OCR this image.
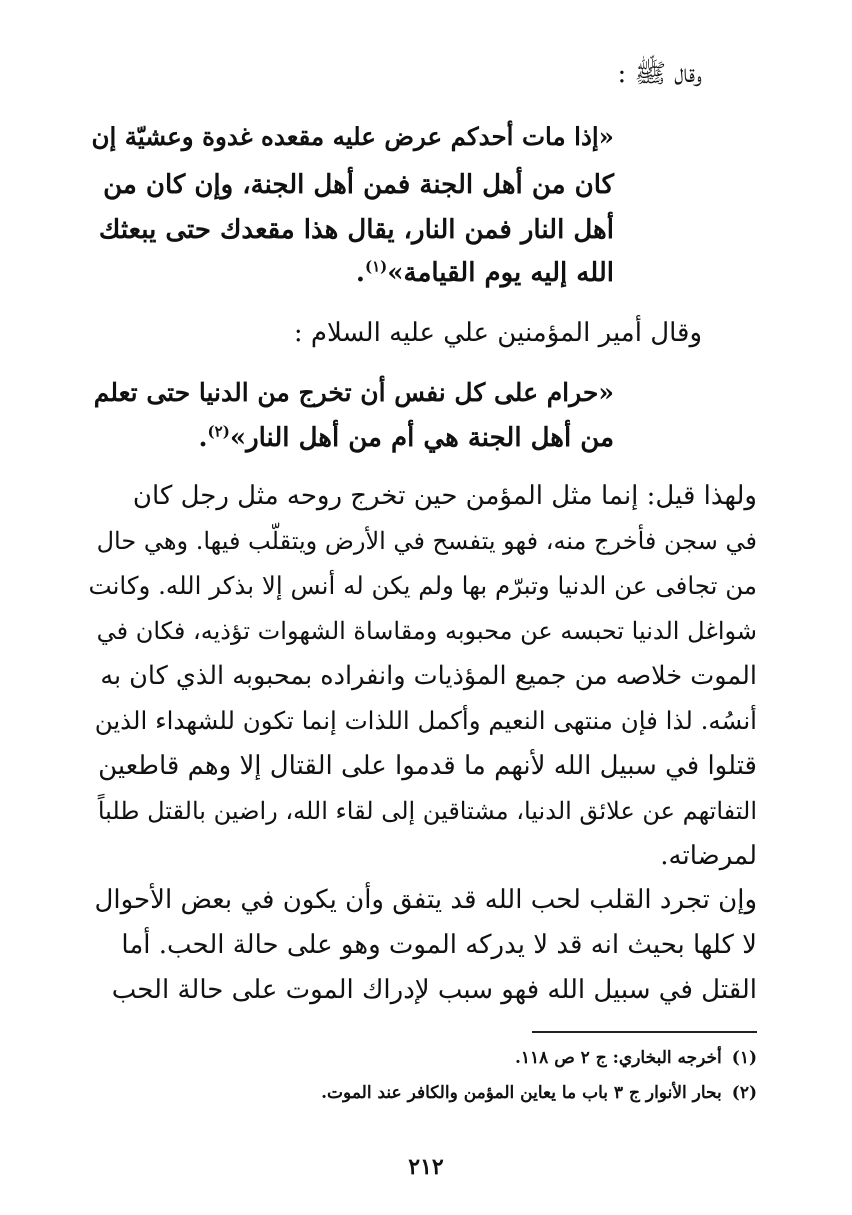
وقال ﷺ :
«إذا مات أحدكم عرض عليه مقعده غدوة وعشيّة إن
كان من أهل الجنة فمن أهل الجنة، وإن كان من
أهل النار فمن النار، يقال هذا مقعدك حتى يبعثك
الله إليه يوم القيامة»$^{(١)}$.
وقال أمير المؤمنين علي عليه السلام :
«حرام على كل نفس أن تخرج من الدنيا حتى تعلم
من أهل الجنة هي أم من أهل النار»$^{(٢)}$.
ولهذا قيل: إنما مثل المؤمن حين تخرج روحه مثل رجل كان
في سجن فأخرج منه، فهو يتفسح في الأرض ويتقلّب فيها. وهي حال
من تجافى عن الدنيا وتبرّم بها ولم يكن له أنس إلا بذكر الله. وكانت
شواغل الدنيا تحبسه عن محبوبه ومقاساة الشهوات تؤذيه، فكان في
الموت خلاصه من جميع المؤذيات وانفراده بمحبوبه الذي كان به
أنسُه. لذا فإن منتهى النعيم وأكمل اللذات إنما تكون للشهداء الذين
قتلوا في سبيل الله لأنهم ما قدموا على القتال إلا وهم قاطعين
التفاتهم عن علائق الدنيا، مشتاقين إلى لقاء الله، راضين بالقتل طلباً
لمرضاته.
وإن تجرد القلب لحب الله قد يتفق وأن يكون في بعض الأحوال
لا كلها بحيث انه قد لا يدركه الموت وهو على حالة الحب. أما
القتل في سبيل الله فهو سبب لإدراك الموت على حالة الحب
(١)أخرجه البخاري: ج ٢ ص ١١٨.
(٢)بحار الأنوار ج ٣ باب ما يعاين المؤمن والكافر عند الموت.
٢١٢
